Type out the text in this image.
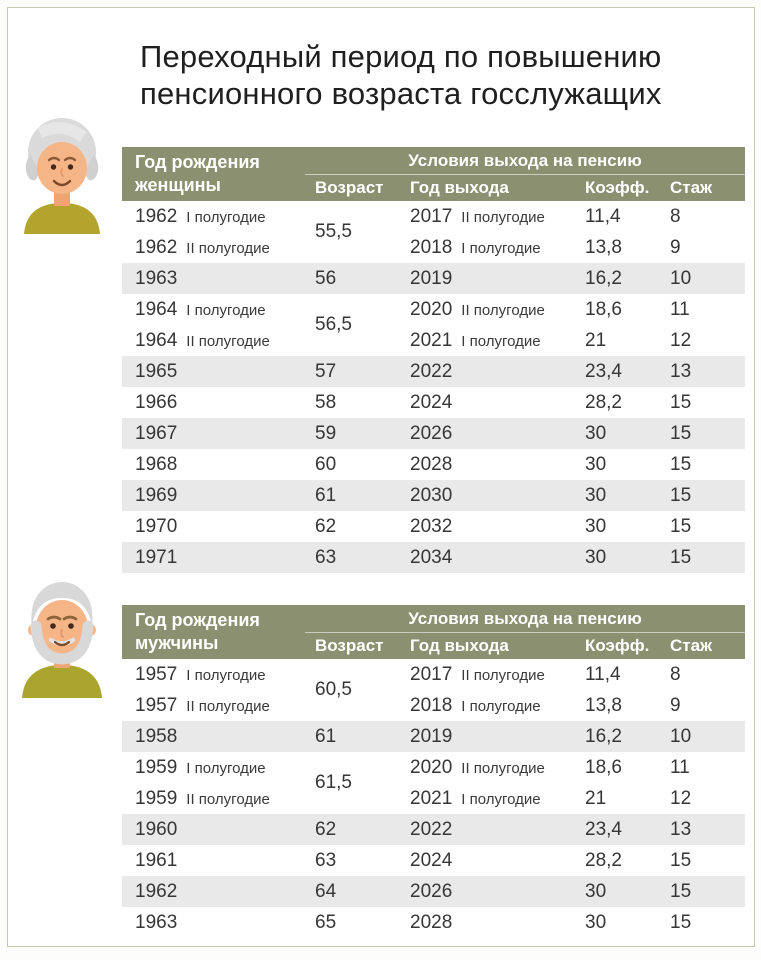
Переходный период по повышению
пенсионного возраста госслужащих
Год рождения
женщины	Условия выхода на пенсию			
	Возраст	Год выхода	Коэфф.	Стаж
1962 I полугодие	55,5	2017 II полугодие	11,4	8
1962 II полугодие		2018 I полугодие	13,8	9
1963	56	2019	16,2	10
1964 I полугодие	56,5	2020 II полугодие	18,6	11
1964 II полугодие		2021 I полугодие	21	12
1965	57	2022	23,4	13
1966	58	2024	28,2	15
1967	59	2026	30	15
1968	60	2028	30	15
1969	61	2030	30	15
1970	62	2032	30	15
1971	63	2034	30	15
Год рождения
мужчины	Условия выхода на пенсию			
	Возраст	Год выхода	Коэфф.	Стаж
1957 I полугодие	60,5	2017 II полугодие	11,4	8
1957 II полугодие		2018 I полугодие	13,8	9
1958	61	2019	16,2	10
1959 I полугодие	61,5	2020 II полугодие	18,6	11
1959 II полугодие		2021 I полугодие	21	12
1960	62	2022	23,4	13
1961	63	2024	28,2	15
1962	64	2026	30	15
1963	65	2028	30	15
